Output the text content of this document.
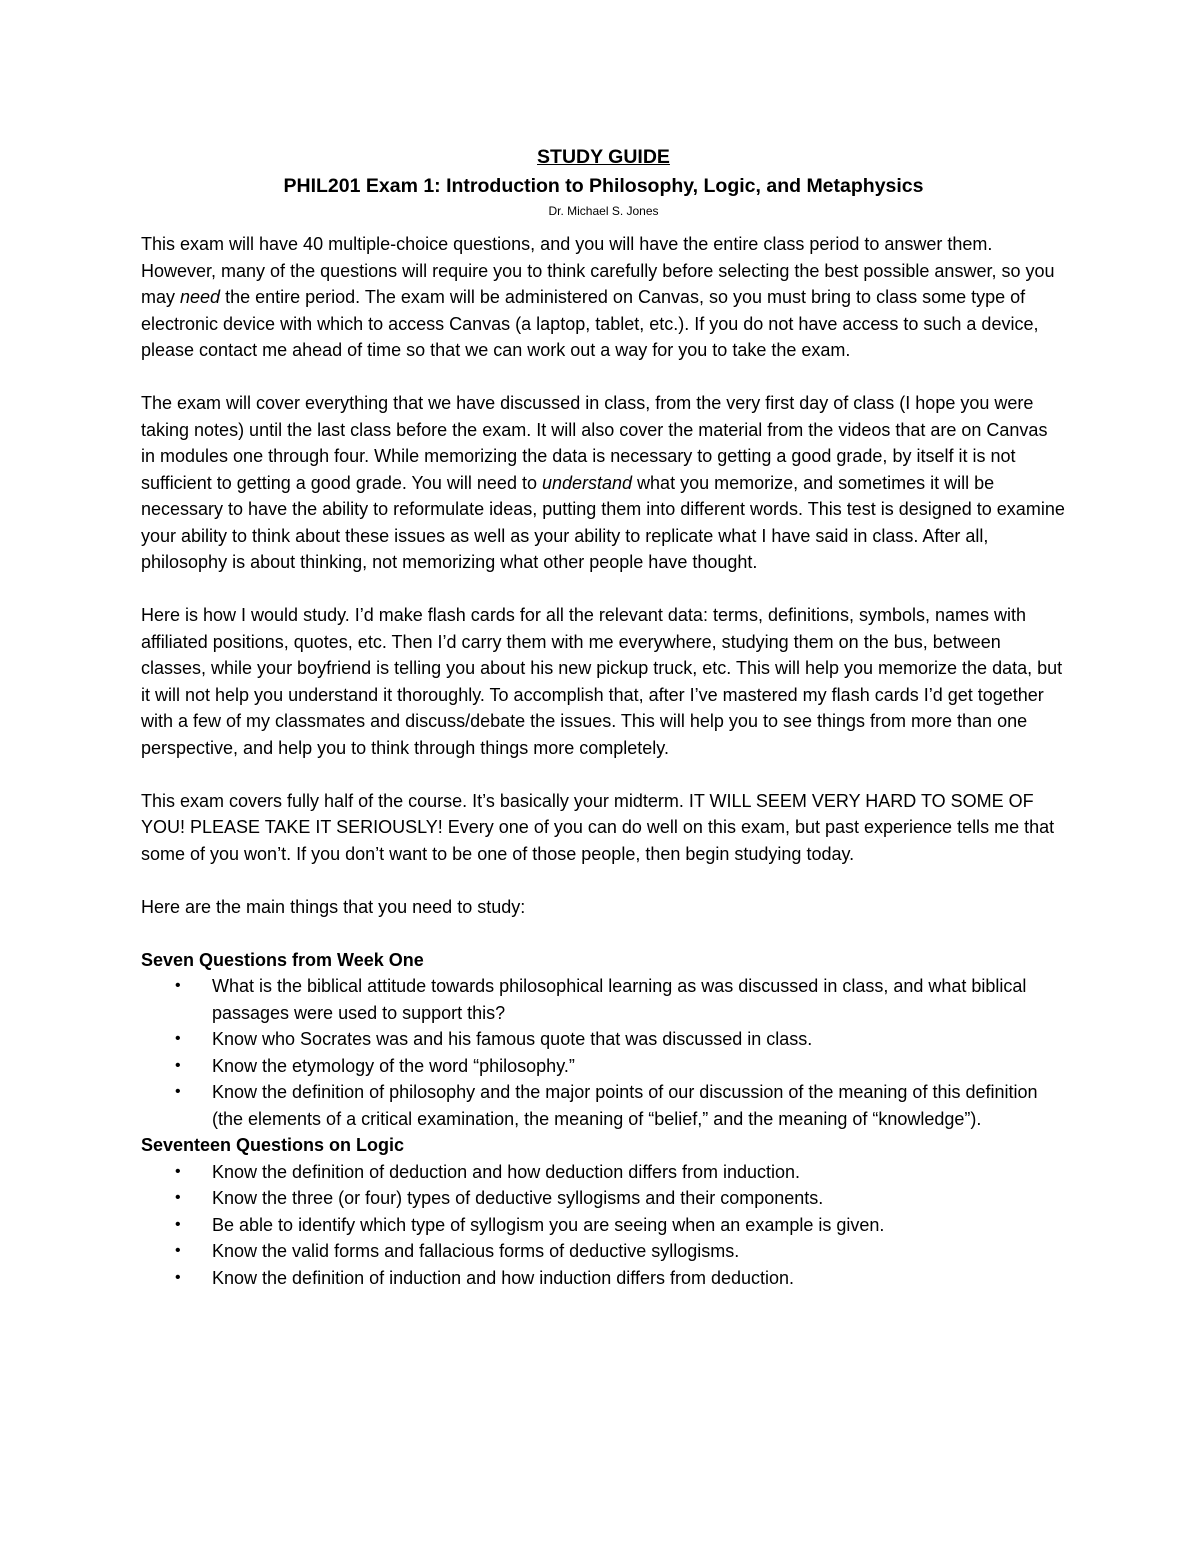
STUDY GUIDE

PHIL201 Exam 1: Introduction to Philosophy, Logic, and Metaphysics

Dr. Michael S. Jones

This exam will have 40 multiple-choice questions, and you will have the entire class period to answer them. However, many of the questions will require you to think carefully before selecting the best possible answer, so you may need the entire period. The exam will be administered on Canvas, so you must bring to class some type of electronic device with which to access Canvas (a laptop, tablet, etc.). If you do not have access to such a device, please contact me ahead of time so that we can work out a way for you to take the exam.

The exam will cover everything that we have discussed in class, from the very first day of class (I hope you were taking notes) until the last class before the exam. It will also cover the material from the videos that are on Canvas in modules one through four. While memorizing the data is necessary to getting a good grade, by itself it is not sufficient to getting a good grade. You will need to understand what you memorize, and sometimes it will be necessary to have the ability to reformulate ideas, putting them into different words. This test is designed to examine your ability to think about these issues as well as your ability to replicate what I have said in class. After all, philosophy is about thinking, not memorizing what other people have thought.

Here is how I would study. I’d make flash cards for all the relevant data: terms, definitions, symbols, names with affiliated positions, quotes, etc. Then I’d carry them with me everywhere, studying them on the bus, between classes, while your boyfriend is telling you about his new pickup truck, etc. This will help you memorize the data, but it will not help you understand it thoroughly. To accomplish that, after I’ve mastered my flash cards I’d get together with a few of my classmates and discuss/debate the issues. This will help you to see things from more than one perspective, and help you to think through things more completely.

This exam covers fully half of the course. It’s basically your midterm. IT WILL SEEM VERY HARD TO SOME OF YOU! PLEASE TAKE IT SERIOUSLY! Every one of you can do well on this exam, but past experience tells me that some of you won’t. If you don’t want to be one of those people, then begin studying today.

Here are the main things that you need to study:

Seven Questions from Week One

• What is the biblical attitude towards philosophical learning as was discussed in class, and what biblical passages were used to support this?
• Know who Socrates was and his famous quote that was discussed in class.
• Know the etymology of the word “philosophy.”
• Know the definition of philosophy and the major points of our discussion of the meaning of this definition (the elements of a critical examination, the meaning of “belief,” and the meaning of “knowledge”).

Seventeen Questions on Logic

• Know the definition of deduction and how deduction differs from induction.
• Know the three (or four) types of deductive syllogisms and their components.
• Be able to identify which type of syllogism you are seeing when an example is given.
• Know the valid forms and fallacious forms of deductive syllogisms.
• Know the definition of induction and how induction differs from deduction.
